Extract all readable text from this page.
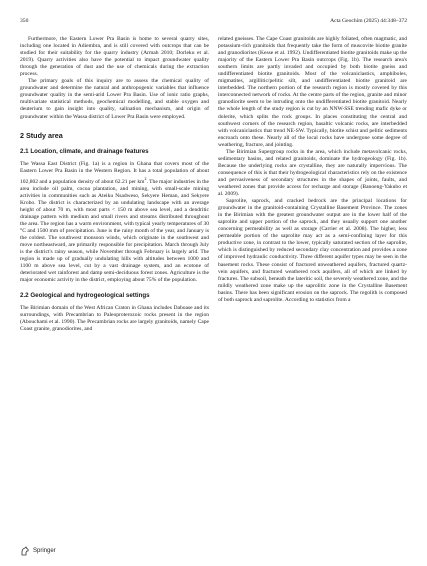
350	Acta Geochim (2025) 44:348–372

Furthermore, the Eastern Lower Pra Basin is home to several quarry sites, including one located in Adiembra, and is still covered with outcrops that can be studied for their suitability for the quarry industry (Armah 2010; Dorleku et al. 2019). Quarry activities also have the potential to impact groundwater quality through the generation of dust and the use of chemicals during the extraction process.

The primary goals of this inquiry are to assess the chemical quality of groundwater and determine the natural and anthropogenic variables that influence groundwater quality in the semi-arid Lower Pra Basin. Use of ionic ratio graphs, multivariate statistical methods, geochemical modelling, and stable oxygen and deuterium to gain insight into quality, salination mechanism, and origin of groundwater within the Wassa district of Lower Pra Basin were employed.

2 Study area
2.1 Location, climate, and drainage features

The Wassa East District (Fig. 1a) is a region in Ghana that covers most of the Eastern Lower Pra Basin in the Western Region. It has a total population of about 102,802 and a population density of about 62.21 per $km^2$. The major industries in the area include oil palm, cocoa plantation, and mining, with small-scale mining activities in communities such as Ateiku Nsadweso, Sekyere Heman, and Sekyere Krobo. The district is characterized by an undulating landscape with an average height of about 70 m, with most parts < 150 m above sea level, and a dendritic drainage pattern with medium and small rivers and streams distributed throughout the area. The region has a warm environment, with typical yearly temperatures of 30 °C and 1500 mm of precipitation. June is the rainy month of the year, and January is the coldest. The southwest monsoon winds, which originate in the southwest and move northeastward, are primarily responsible for precipitation. March through July is the district's rainy season, while November through February is largely arid. The region is made up of gradually undulating hills with altitudes between 1000 and 1100 m above sea level, cut by a vast drainage system, and an ecotone of deteriorated wet rainforest and damp semi-deciduous forest zones. Agriculture is the major economic activity in the district, employing about 75% of the population.

2.2 Geological and hydrogeological settings

The Birimian domain of the West African Craton in Ghana includes Daboase and its surroundings, with Precambrian to Paleoproterozoic rocks present in the region (Abouchami et al. 1990). The Precambrian rocks are largely granitoids, namely Cape Coast granite, granodiorites, and

related gneisses. The Cape Coast granitoids are highly foliated, often magmatic, and potassium-rich granitoids that frequently take the form of muscovite biotite granite and granodiorites (Kesse et al. 1992). Undifferentiated biotite granitoids make up the majority of the Eastern Lower Pra Basin outcrops (Fig. 1b). The research area's southern limits are partly invaded and occupied by both biotite gneiss and undifferentiated biotite granitoids. Most of the volcaniclastics, amphiboles, migmatites, argillitic/pelitic silt, and undifferentiated biotite granitoid are interbedded. The northern portion of the research region is mostly covered by this interconnected network of rocks. At the centre parts of the region, granite and minor granodiorite seem to be intruding onto the undifferentiated biotite granitoid. Nearly the whole length of the study region is cut by an NNW-SSE trending mafic dyke or dolerite, which splits the rock groups. In places constituting the central and southwest corners of the research region, basaltic volcanic rocks, are interbedded with volcaniclastics that trend NE-SW. Typically, biotite schist and pelitic sediments encroach onto these. Nearly all of the local rocks have undergone some degree of weathering, fracture, and jointing.

The Birimian Supergroup rocks in the area, which include metavolcanic rocks, sedimentary basins, and related granitoids, dominate the hydrogeology (Fig. 1b). Because the underlying rocks are crystalline, they are naturally impervious. The consequence of this is that their hydrogeological characteristics rely on the existence and pervasiveness of secondary structures in the shapes of joints, faults, and weathered zones that provide access for recharge and storage (Banoeng-Yakubo et al. 2009).

Saprolite, saprock, and cracked bedrock are the principal locations for groundwater in the granitoid-containing Crystalline Basement Province. The zones in the Birimian with the greatest groundwater output are in the lower half of the saprolite and upper portion of the saprock, and they usually support one another concerning permeability as well as storage (Carrier et al. 2008). The higher, less permeable portion of the saprolite may act as a semi-confining layer for this productive zone, in contrast to the lower, typically saturated section of the saprolite, which is distinguished by reduced secondary clay concentration and provides a zone of improved hydraulic conductivity. Three different aquifer types may be seen in the basement rocks. These consist of fractured unweathered aquifers, fractured quartz-vein aquifers, and fractured weathered rock aquifers, all of which are linked by fractures. The subsoil, beneath the lateritic soil, the severely weathered zone, and the mildly weathered zone make up the saprolitic zone in the Crystalline Basement basins. There has been significant erosion on the saprock. The regolith is composed of both saprock and saprolite. According to statistics from a

Springer
